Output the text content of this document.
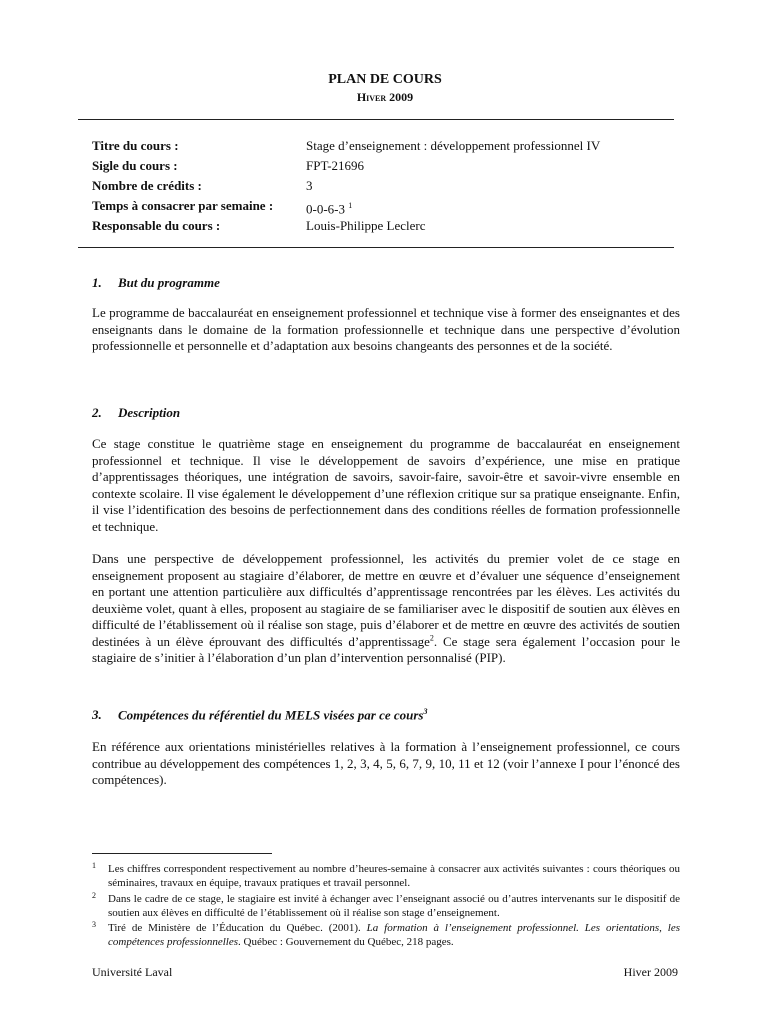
PLAN DE COURS
Hiver 2009
Titre du cours :	Stage d’enseignement : développement professionnel IV
Sigle du cours :	FPT-21696
Nombre de crédits :	3
Temps à consacrer par semaine :	0-0-6-3 $^1$
Responsable du cours :	Louis-Philippe Leclerc
1. But du programme
Le programme de baccalauréat en enseignement professionnel et technique vise à former des enseignantes et des enseignants dans le domaine de la formation professionnelle et technique dans une perspective d’évolution professionnelle et personnelle et d’adaptation aux besoins changeants des personnes et de la société.
2. Description
Ce stage constitue le quatrième stage en enseignement du programme de baccalauréat en enseignement professionnel et technique. Il vise le développement de savoirs d’expérience, une mise en pratique d’apprentissages théoriques, une intégration de savoirs, savoir-faire, savoir-être et savoir-vivre ensemble en contexte scolaire. Il vise également le développement d’une réflexion critique sur sa pratique enseignante. Enfin, il vise l’identification des besoins de perfectionnement dans des conditions réelles de formation professionnelle et technique.
Dans une perspective de développement professionnel, les activités du premier volet de ce stage en enseignement proposent au stagiaire d’élaborer, de mettre en œuvre et d’évaluer une séquence d’enseignement en portant une attention particulière aux difficultés d’apprentissage rencontrées par les élèves. Les activités du deuxième volet, quant à elles, proposent au stagiaire de se familiariser avec le dispositif de soutien aux élèves en difficulté de l’établissement où il réalise son stage, puis d’élaborer et de mettre en œuvre des activités de soutien destinées à un élève éprouvant des difficultés d’apprentissage$^2$. Ce stage sera également l’occasion pour le stagiaire de s’initier à l’élaboration d’un plan d’intervention personnalisé (PIP).
3. Compétences du référentiel du MELS visées par ce cours$^3$
En référence aux orientations ministérielles relatives à la formation à l’enseignement professionnel, ce cours contribue au développement des compétences 1, 2, 3, 4, 5, 6, 7, 9, 10, 11 et 12 (voir l’annexe I pour l’énoncé des compétences).
1 Les chiffres correspondent respectivement au nombre d’heures-semaine à consacrer aux activités suivantes : cours théoriques ou séminaires, travaux en équipe, travaux pratiques et travail personnel.
2 Dans le cadre de ce stage, le stagiaire est invité à échanger avec l’enseignant associé ou d’autres intervenants sur le dispositif de soutien aux élèves en difficulté de l’établissement où il réalise son stage d’enseignement.
3 Tiré de Ministère de l’Éducation du Québec. (2001). La formation à l’enseignement professionnel. Les orientations, les compétences professionnelles. Québec : Gouvernement du Québec, 218 pages.
Université Laval	Hiver 2009
